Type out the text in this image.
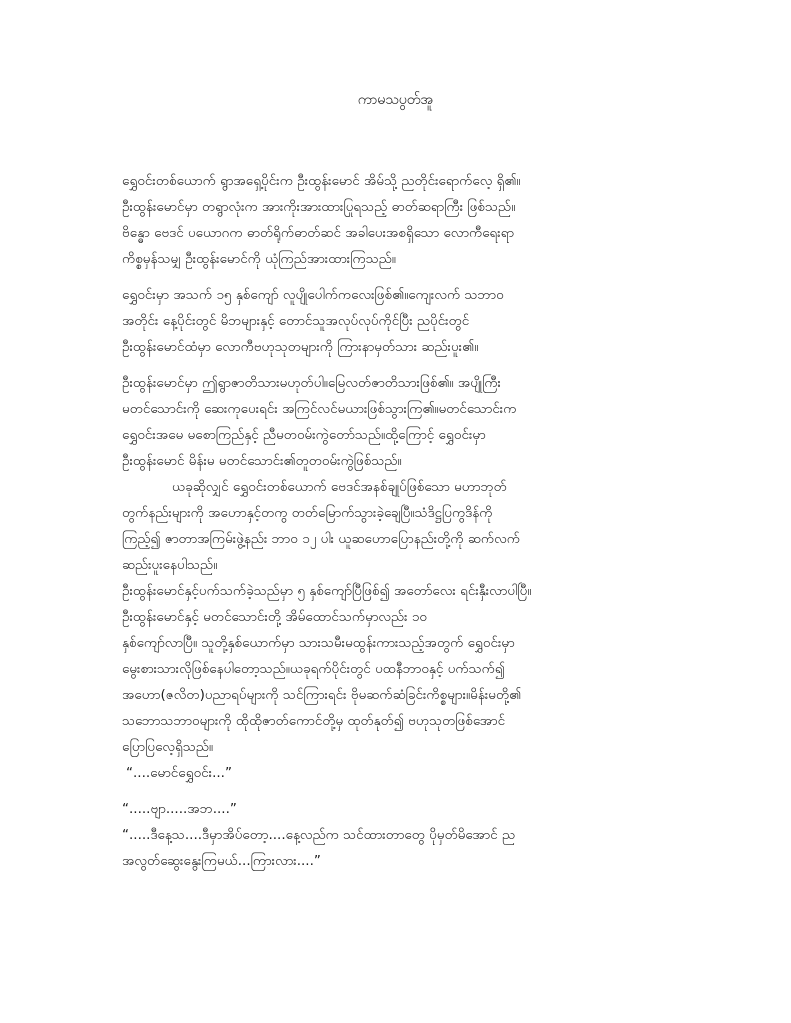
ကာမသပွတ်အူ
ရွှေဝင်းတစ်ယောက် ရွာအရှေ့ပိုင်းက ဦးထွန်းမောင် အိမ်သို့ ညတိုင်းရောက်လေ့ ရှိ၏။
ဦးထွန်းမောင်မှာ တရွာလုံးက အားကိုးအားထားပြုရသည့် ဓာတ်ဆရာကြီး ဖြစ်သည်။
ဗိန္ဓော ဗေဒင် ပယောဂက ဓာတ်ရိုက်ဓာတ်ဆင် အခါပေးအစရှိသော လောကီရေးရာ
ကိစ္စမှန်သမျှ ဦးထွန်းမောင်ကို ယုံကြည်အားထားကြသည်။
ရွှေဝင်းမှာ အသက် ၁၅ နှစ်ကျော် လူပျိုပေါက်ကလေးဖြစ်၏။ကျေးလက် သဘာဝ
အတိုင်း နေ့ပိုင်းတွင် မိဘများနှင့် တောင်သူအလုပ်လုပ်ကိုင်ပြီး ညပိုင်းတွင်
ဦးထွန်းမောင်ထံမှာ လောကီဗဟုသုတများကို ကြားနာမှတ်သား ဆည်းပူး၏။
ဦးထွန်းမောင်မှာ ဤရွာဇာတိသားမဟုတ်ပါ။မြေလတ်ဇာတိသားဖြစ်၏။ အပျိုကြီး
မတင်သောင်းကို ဆေးကုပေးရင်း အကြင်လင်မယားဖြစ်သွားကြ၏။မတင်သောင်းက
ရွှေဝင်းအမေ မစောကြည်နှင့် ညီမတဝမ်းကွဲတော်သည်။ထို့ကြောင့် ရွှေဝင်းမှာ
ဦးထွန်းမောင် မိန်းမ မတင်သောင်း၏တူတဝမ်းကွဲဖြစ်သည်။
ယခုဆိုလျှင် ရွှေဝင်းတစ်ယောက် ဗေဒင်အနစ်ချုပ်ဖြစ်သော မဟာဘုတ်
တွက်နည်းများကို အဟောနှင့်တကွ တတ်မြောက်သွားခဲ့ချေပြီ။သံဒိဋ္ဌပြကွဒိန်ကို
ကြည့်၍ ဇာတာအကြမ်းဖွဲ့နည်း ဘာဝ ၁၂ ပါး ယူဆဟောပြောနည်းတို့ကို ဆက်လက်
ဆည်းပူးနေပါသည်။
ဦးထွန်းမောင်နှင့်ပက်သက်ခဲ့သည်မှာ ၅ နှစ်ကျော်ပြီဖြစ်၍ အတော်လေး ရင်းနှီးလာပါပြီ။
ဦးထွန်းမောင်နှင့် မတင်သောင်းတို့ အိမ်ထောင်သက်မှာလည်း ၁၀
နှစ်ကျော်လာပြီ။ သူတို့နှစ်ယောက်မှာ သားသမီးမထွန်းကားသည့်အတွက် ရွှေဝင်းမှာ
မွေးစားသားလိုဖြစ်နေပါတော့သည်။ယခုရက်ပိုင်းတွင် ပထနီဘာဝနှင့် ပက်သက်၍
အဟော(ဇလိတ)ပညာရပ်များကို သင်ကြားရင်း ဗိုမဆက်ဆံခြင်းကိစ္စများ။မိန်းမတို့၏
သဘောသဘာဝများကို ထိုထိုဇာတ်ကောင်တို့မှ ထုတ်နုတ်၍ ဗဟုသုတဖြစ်အောင်
ပြောပြလေ့ရှိသည်။
“....မောင်ရွှေဝင်း...”
“.....ဗျာ.....အဘ....”
“.....ဒီနေ့သ....ဒီမှာအိပ်တော့....နေ့လည်က သင်ထားတာတွေ ပိုမှတ်မိအောင် ည
အလွတ်ဆွေးနွေးကြမယ်...ကြားလား....”
